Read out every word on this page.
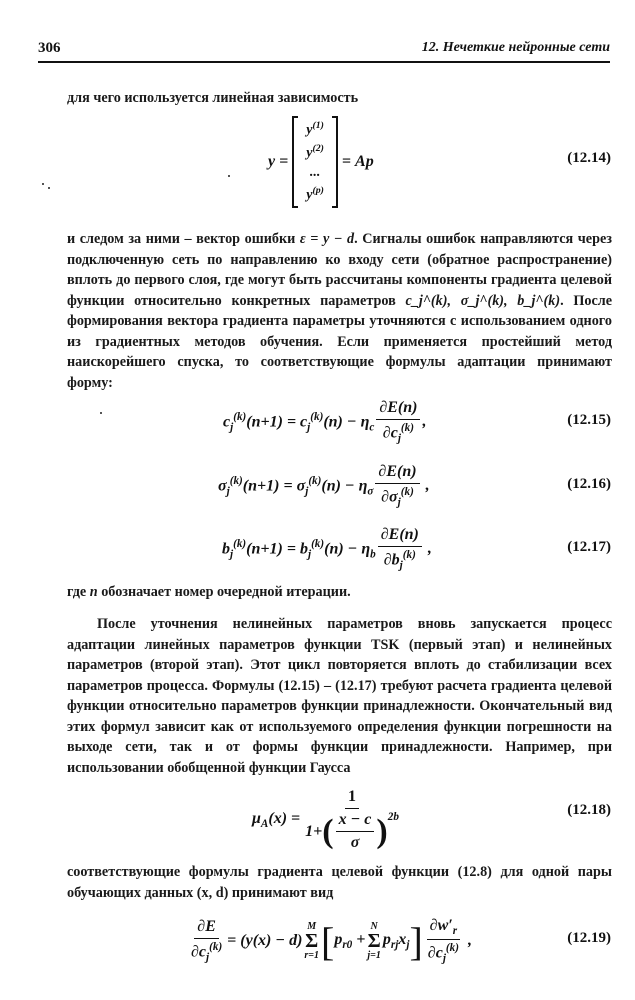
306	12. Нечеткие нейронные сети
для чего используется линейная зависимость
y =
$y^{(1)}$
$y^{(2)}$
...
$y^{(p)}$
= Ap	(12.14)
и следом за ними – вектор ошибки ε = y − d. Сигналы ошибок направляются через подключенную сеть по направлению ко входу сети (обратное распространение) вплоть до первого слоя, где могут быть рассчитаны компоненты градиента целевой функции относительно конкретных параметров c_j^(k), σ_j^(k), b_j^(k). После формирования вектора градиента параметры уточняются с использованием одного из градиентных методов обучения. Если применяется простейший метод наискорейшего спуска, то соответствующие формулы адаптации принимают форму:
$c_j^{(k)}(n+1) = c_j^{(k)}(n) - \eta_c \frac{\partial E(n)}{\partial c_j^{(k)}}$ ,	(12.15)
$\sigma_j^{(k)}(n+1) = \sigma_j^{(k)}(n) - \eta_\sigma \frac{\partial E(n)}{\partial\sigma_j^{(k)}}$ ,	(12.16)
$b_j^{(k)}(n+1) = b_j^{(k)}(n) - \eta_b \frac{\partial E(n)}{\partial b_j^{(k)}}$ ,	(12.17)
где n обозначает номер очередной итерации.
После уточнения нелинейных параметров вновь запускается процесс адаптации линейных параметров функции TSK (первый этап) и нелинейных параметров (второй этап). Этот цикл повторяется вплоть до стабилизации всех параметров процесса. Формулы (12.15) – (12.17) требуют расчета градиента целевой функции относительно параметров функции принадлежности. Окончательный вид этих формул зависит как от используемого определения функции погрешности на выходе сети, так и от формы функции принадлежности. Например, при использовании обобщенной функции Гаусса
$\mu_A(x) = \frac{1}{1+ ( \frac{x - c}{\sigma} )^{2b}}$	(12.18)
соответствующие формулы градиента целевой функции (12.8) для одной пары обучающих данных (x, d) принимают вид
$\frac{\partial E}{\partial c_j^{(k)}} = (y(x) - d)$
M
Σ
r=1 [ $p_{r0}$ +
N
Σ
j=1
$p_{rj}x_j$ ] $\frac{\partial w'_r}{\partial c_j^{(k)}}$ ,	(12.19)
